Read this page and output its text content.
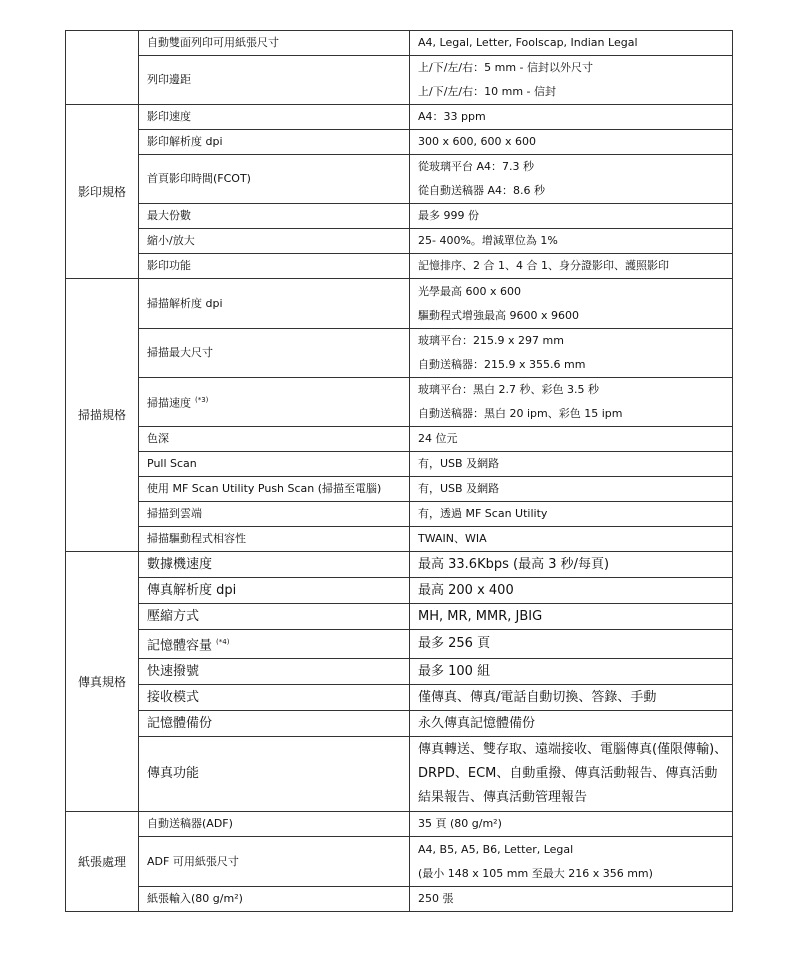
	自動雙面列印可用紙張尺寸	A4, Legal, Letter, Foolscap, Indian Legal

	列印邊距	上/下/左/右：5 mm - 信封以外尺寸
上/下/左/右：10 mm - 信封

影印規格	影印速度	A4：33 ppm

	影印解析度 dpi	300 x 600, 600 x 600

	首頁影印時間(FCOT)	從玻璃平台 A4：7.3 秒
從自動送稿器 A4：8.6 秒

	最大份數	最多 999 份

	縮小/放大	25- 400%。增減單位為 1%

	影印功能	記憶排序、2 合 1、4 合 1、身分證影印、護照影印

掃描規格	掃描解析度 dpi	光學最高 600 x 600
驅動程式增強最高 9600 x 9600

	掃描最大尺寸	玻璃平台：215.9 x 297 mm
自動送稿器：215.9 x 355.6 mm

	掃描速度 $^{(*3)}$	玻璃平台：黑白 2.7 秒、彩色 3.5 秒
自動送稿器：黑白 20 ipm、彩色 15 ipm

	色深	24 位元

	Pull Scan	有，USB 及網路

	使用 MF Scan Utility Push Scan (掃描至電腦)	有，USB 及網路

	掃描到雲端	有，透過 MF Scan Utility

	掃描驅動程式相容性	TWAIN、WIA

傳真規格	數據機速度	最高 33.6Kbps (最高 3 秒/每頁)

	傳真解析度 dpi	最高 200 x 400

	壓縮方式	MH, MR, MMR, JBIG

	記憶體容量 $^{(*4)}$	最多 256 頁

	快速撥號	最多 100 組

	接收模式	僅傳真、傳真/電話自動切換、答錄、手動

	記憶體備份	永久傳真記憶體備份

	傳真功能	傳真轉送、雙存取、遠端接收、電腦傳真(僅限傳輸)、
DRPD、ECM、自動重撥、傳真活動報告、傳真活動
結果報告、傳真活動管理報告

紙張處理	自動送稿器(ADF)	35 頁 (80 g/m²)

	ADF 可用紙張尺寸	A4, B5, A5, B6, Letter, Legal
(最小 148 x 105 mm 至最大 216 x 356 mm)

	紙張輸入(80 g/m²)	250 張
